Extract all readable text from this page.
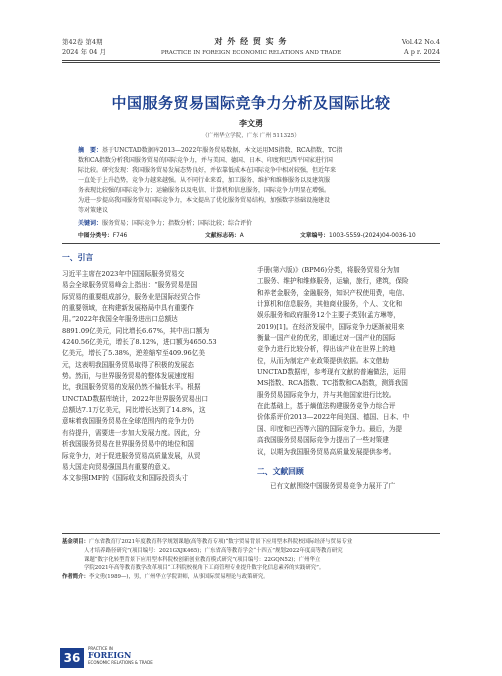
第42卷 第4期
2024 年 04 月
对 外 经 贸 实 务
PRACTICE IN FOREIGN ECONOMIC RELATIONS AND TRADE
Vol.42 No.4
A p r. 2024
中国服务贸易国际竞争力分析及国际比较
李文勇
（广州华立学院，广东 广州 511325）
摘　要：基于UNCTAD数据库2013—2022年服务贸易数据，本文运用MS指数、RCA指数、TC指
数和CA指数分析我国服务贸易的国际竞争力，并与美国、德国、日本、印度和巴西平国家进行国
际比较。研究发现：我国服务贸易发展态势良好，并依靠低成本在国际竞争中相对较强，但近年来
一直处于上升趋势，竞争力越来越强。从不同行业来看，加工服务、维护和维修服务以及建筑服
务表现比较强的国际竞争力；运输服务以及电信、计算机和信息服务，国际竞争力明显在增强。
为进一步提高我国服务贸易国际竞争力，本文提出了优化服务贸易结构，加强数字基础设施建设
等对策建议
关键词：服务贸易；国际竞争力；指数分析；国际比较；综合评价
中图分类号：F746	文献标志码：A	文章编号：1003-5559-(2024)04-0036-10
一、引言
习近平主席在2023年中国国际服务贸易交
易会全球服务贸易峰会上指出：“服务贸易是国
际贸易的重要组成部分，服务业是国际经贸合作
的重要领域，在构建新发展格局中具有重要作
用。”2022年我国全年服务进出口总额达
8891.09亿美元，同比增长6.67%，其中出口额为
4240.56亿美元，增长了8.12%，进口额为4650.53
亿美元，增长了5.38%，逆差缩窄至409.96亿美
元，这表明我国服务贸易取得了积极的发展态
势。然而，与世界服务贸易的整体发展速度相
比，我国服务贸易的发展仍然不偏低水平。根据
UNCTAD数据库统计，2022年世界服务贸易出口
总额达7.1万亿美元，同比增长达到了14.8%，这
意味着我国服务贸易在全球范围内的竞争力仍
有待提升，需要进一步加大发展力度。因此，分
析我国服务贸易在世界服务贸易中的地位和国
际竞争力，对于促进服务贸易高质量发展，从贸
易大国走向贸易强国具有重要的意义。
本文参照IMF的《国际收支和国际投资头寸
手册(第六版)》(BPM6)分类，将服务贸易分为加
工服务、维护和维修服务，运输，旅行，建筑，保险
和养老金服务，金融服务，知识产权使用费，电信、
计算机和信息服务，其他商业服务，个人、文化和
娱乐服务和政府服务12个主要子类别(孟方琳等，
2019)[1]。在经济发展中，国际竞争力逐渐被用来
衡量一国产业的优劣，即通过对一国产业的国际
竞争力进行比较分析，得出该产业在世界上的地
位，从而为制定产业政策提供依据。本文借助
UNCTAD数据库，参考现有文献的普遍做法，运用
MS指数、RCA指数、TC指数和CA指数，测算我国
服务贸易国际竞争力，并与其他国家进行比较。
在此基础上，基于熵值法构建服务竞争力综合评
价体系评价2013—2022年间美国、德国、日本、中
国、印度和巴西等六国的国际竞争力。最后，为提
高我国服务贸易国际竞争力提出了一些对策建
议，以期为我国服务贸易高质量发展提供参考。
二、文献回顾
已有文献围绕中国服务贸易竞争力展开了广
基金项目：广东省教育厅2021年度教育科学规划课题(高等教育专项)“数字贸易背景下应用型本科院校国际经济与贸易专业
人才培养路径研究”(项目编号：2021GXJK465)；广东省高等教育学会“十四五”规划2022年度高等教育研究
课题“数字化转型背景下应用型本科院校创新创业教育模式研究”(项目编号：22GQN52)；广州华立
学院2021年高等教育教学改革项目“工科院校视角下工商管理专业提升数字化信息素养的实践研究”。
作者简介：李文勇(1989—)，男，广州华立学院讲师，从事国际贸易理论与政策研究。
36
PRACTICE IN
FOREIGN
ECONOMIC RELATIONS & TRADE
